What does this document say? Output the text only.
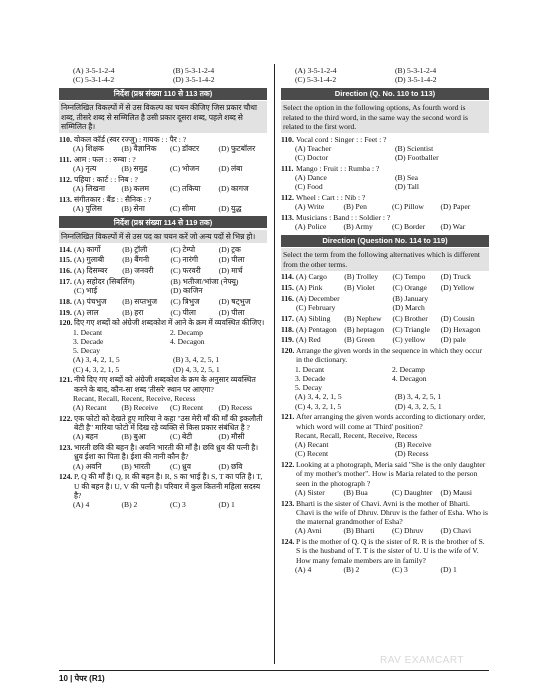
(A) 3-5-1-2-4	(B) 5-3-1-2-4
(C) 5-3-1-4-2	(D) 3-5-1-4-2
निर्देश (प्रश्न संख्या 110 से 113 तक)
निम्नलिखित विकल्पों में से उस विकल्प का चयन कीजिए जिस प्रकार चौथा शब्द, तीसरे शब्द से सम्मिलित है उसी प्रकार दूसरा शब्द, पहले शब्द से सम्मिलित है।
110. वोकल कॉर्ड (स्वर रज्जु) : गायक : : पैर : ?
(A) शिक्षक	(B) वैज्ञानिक	(C) डॉक्टर	(D) फुटबॉलर
111. आम : फल : : रुम्बा : ?
(A) नृत्य	(B) समुद्र	(C) भोजन	(D) लंबा
112. पहिया : कार्ट : : निब : ?
(A) लिखना	(B) कलम	(C) तकिया	(D) कागज
113. संगीतकार : बैंड : : सैनिक : ?
(A) पुलिस	(B) सेना	(C) सीमा	(D) युद्ध
निर्देश (प्रश्न संख्या 114 से 119 तक)
निम्नलिखित विकल्पों में से उस पद का चयन करें जो अन्य पदों से भिन्न हो।
114. (A) कार्गो	(B) ट्रॉली	(C) टेम्पो	(D) ट्रक
115. (A) गुलाबी	(B) बैंगनी	(C) नारंगी	(D) पीला
116. (A) दिसम्बर	(B) जनवरी	(C) फरवरी	(D) मार्च
117. (A) सहोदर (सिबलिंग)	(B) भतीजा/भांजा (नेफ्यू)
(C) भाई	(D) काजिन
118. (A) पंचभुज	(B) सप्तभुज	(C) त्रिभुज	(D) षट्भुज
119. (A) लाल	(B) हरा	(C) पीला	(D) पीला
120. दिए गए शब्दों को अंग्रेजी शब्दकोश में आने के क्रम में व्यवस्थित कीजिए।
1. Decant	2. Decamp
3. Decade	4. Decagon
5. Decay
(A) 3, 4, 2, 1, 5	(B) 3, 4, 2, 5, 1
(C) 4, 3, 2, 1, 5	(D) 4, 3, 2, 5, 1
121. नीचे दिए गए शब्दों को अंग्रेजी शब्दकोश के क्रम के अनुसार व्यवस्थित करने के बाद, कौन-सा शब्द 'तीसरे' स्थान पर आएगा?
Recant, Recall, Recent, Receive, Recess
(A) Recant	(B) Receive	(C) Recent	(D) Recess
122. एक फोटो को देखते हुए मारिया ने कहा "उस मेरी माँ की माँ की इकलौती बेटी है" मारिया फोटो में दिख रहे व्यक्ति से किस प्रकार संबंधित है ?
(A) बहन	(B) बुआ	(C) बेटी	(D) मौसी
123. भारती छवि की बहन है। अवनि भारती की माँ है। छवि ध्रुव की पत्नी है। ध्रुव ईशा का पिता है। ईशा की नानी कौन है?
(A) अवनि	(B) भारती	(C) ध्रुव	(D) छवि
124. P, Q की माँ है। Q, R की बहन है। R, S का भाई है। S, T का पति है। T, U की बहन है। U, V की पत्नी है। परिवार में कुल कितनी महिला सदस्य है?
(A) 4	(B) 2	(C) 3	(D) 1
(A) 3-5-1-2-4	(B) 5-3-1-2-4
(C) 5-3-1-4-2	(D) 3-5-1-4-2
Direction (Q. No. 110 to 113)
Select the option in the following options, As fourth word is related to the third word, in the same way the second word is related to the first word.
110. Vocal cord : Singer : : Feet : ?
(A) Teacher	(B) Scientist
(C) Doctor	(D) Footballer
111. Mango : Fruit : : Rumba : ?
(A) Dance	(B) Sea
(C) Food	(D) Tall
112. Wheel : Cart : : Nib : ?
(A) Write	(B) Pen	(C) Pillow	(D) Paper
113. Musicians : Band : : Soldier : ?
(A) Police	(B) Army	(C) Border	(D) War
Direction (Question No. 114 to 119)
Select the term from the following alternatives which is different from the other terms.
114. (A) Cargo	(B) Trolley	(C) Tempo	(D) Truck
115. (A) Pink	(B) Violet	(C) Orange	(D) Yellow
116. (A) December	(B) January
(C) February	(D) March
117. (A) Sibling	(B) Nephew	(C) Brother	(D) Cousin
118. (A) Pentagon (B) heptagon	(C) Triangle	(D) Hexagon
119. (A) Red	(B) Green	(C) yellow	(D) pale
120. Arrange the given words in the sequence in which they occur in the dictionary.
1. Decant	2. Decamp
3. Decade	4. Decagon
5. Decay
(A) 3, 4, 2, 1, 5	(B) 3, 4, 2, 5, 1
(C) 4, 3, 2, 1, 5	(D) 4, 3, 2, 5, 1
121. After arranging the given words according to dictionary order, which word will come at 'Third' position?
Recant, Recall, Recent, Receive, Recess
(A) Recant	(B) Receive
(C) Recent	(D) Recess
122. Looking at a photograph, Meria said "She is the only daughter of my mother's mother". How is Maria related to the person seen in the photograph ?
(A) Sister	(B) Bua	(C) Daughter	(D) Mausi
123. Bharti is the sister of Chavi. Avni is the mother of Bharti. Chavi is the wife of Dhruv. Dhruv is the father of Esha. Who is the maternal grandmother of Esha?
(A) Avni	(B) Bharti	(C) Dhruv	(D) Chavi
124. P is the mother of Q. Q is the sister of R. R is the brother of S. S is the husband of T. T is the sister of U. U is the wife of V. How many female members are in family?
(A) 4	(B) 2	(C) 3	(D) 1
RAV EXAMCART
10 | पेपर (R1)
